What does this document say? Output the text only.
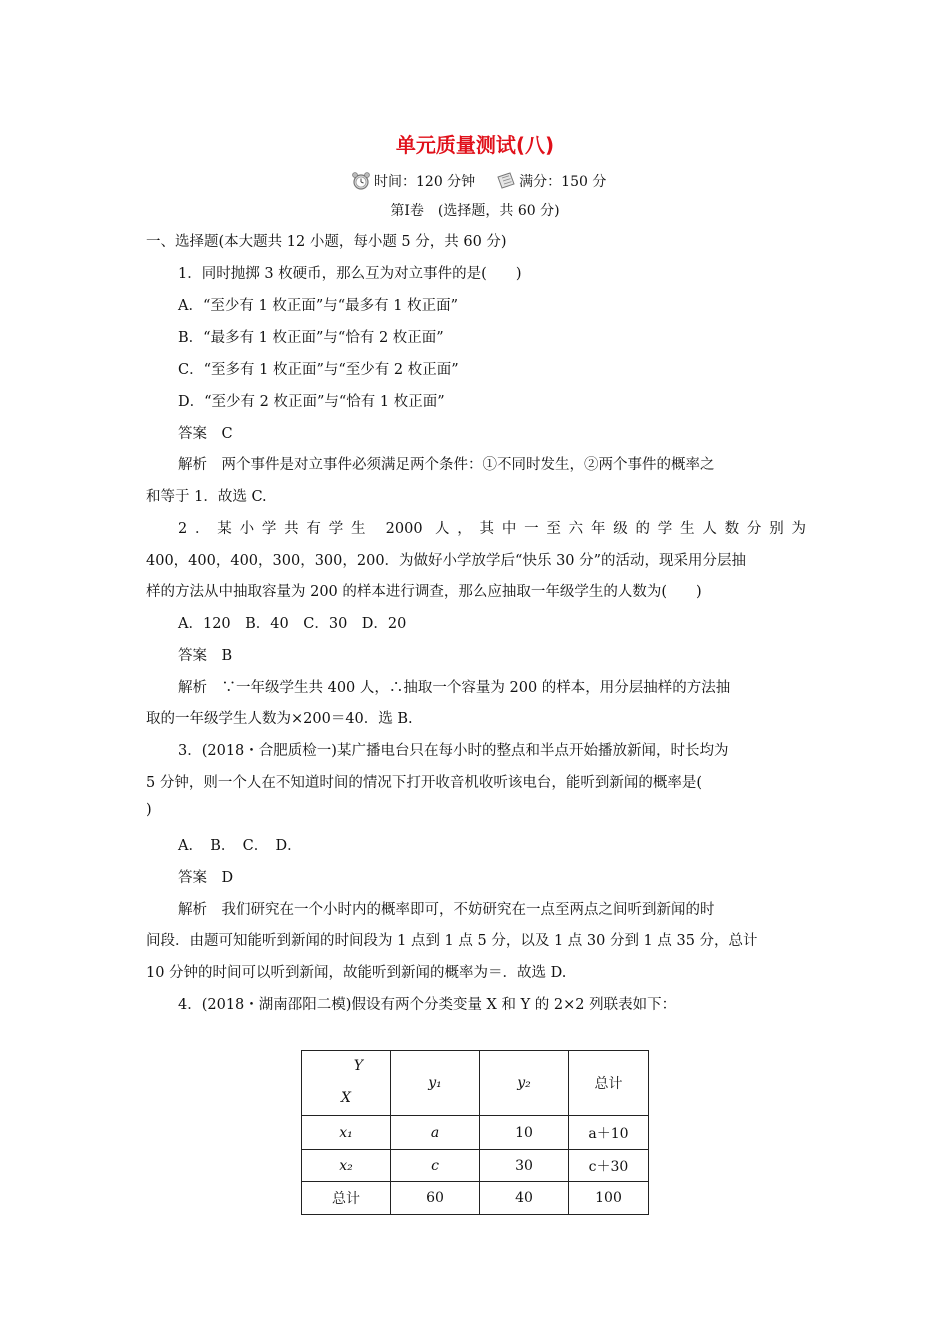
单元质量测试(八)
时间：120 分钟	满分：150 分
第Ⅰ卷　(选择题，共 60 分)
一、选择题(本大题共 12 小题，每小题 5 分，共 60 分)
1．同时抛掷 3 枚硬币，那么互为对立事件的是(　　)
A．“至少有 1 枚正面”与“最多有 1 枚正面”
B．“最多有 1 枚正面”与“恰有 2 枚正面”
C．“至多有 1 枚正面”与“至少有 2 枚正面”
D．“至少有 2 枚正面”与“恰有 1 枚正面”
答案　C
解析　两个事件是对立事件必须满足两个条件：①不同时发生，②两个事件的概率之
和等于 1．故选 C.
2．某小学共有学生 2000 人，其中一至六年级的学生人数分别为
400，400，400，300，300，200．为做好小学放学后“快乐 30 分”的活动，现采用分层抽
样的方法从中抽取容量为 200 的样本进行调查，那么应抽取一年级学生的人数为(　　)
A．120　B．40　C．30　D．20
答案　B
解析　∵一年级学生共 400 人，∴抽取一个容量为 200 的样本，用分层抽样的方法抽
取的一年级学生人数为×200＝40．选 B.
3．(2018・合肥质检一)某广播电台只在每小时的整点和半点开始播放新闻，时长均为
5 分钟，则一个人在不知道时间的情况下打开收音机收听该电台，能听到新闻的概率是(
)
A．　B．　C．　D．
答案　D
解析　我们研究在一个小时内的概率即可，不妨研究在一点至两点之间听到新闻的时
间段．由题可知能听到新闻的时间段为 1 点到 1 点 5 分，以及 1 点 30 分到 1 点 35 分，总计
10 分钟的时间可以听到新闻，故能听到新闻的概率为＝．故选 D.
4．(2018・湖南邵阳二模)假设有两个分类变量 X 和 Y 的 2×2 列联表如下：
Y
X	y₁	y₂	总计
x₁	a	10	a＋10
x₂	c	30	c＋30
总计	60	40	100
